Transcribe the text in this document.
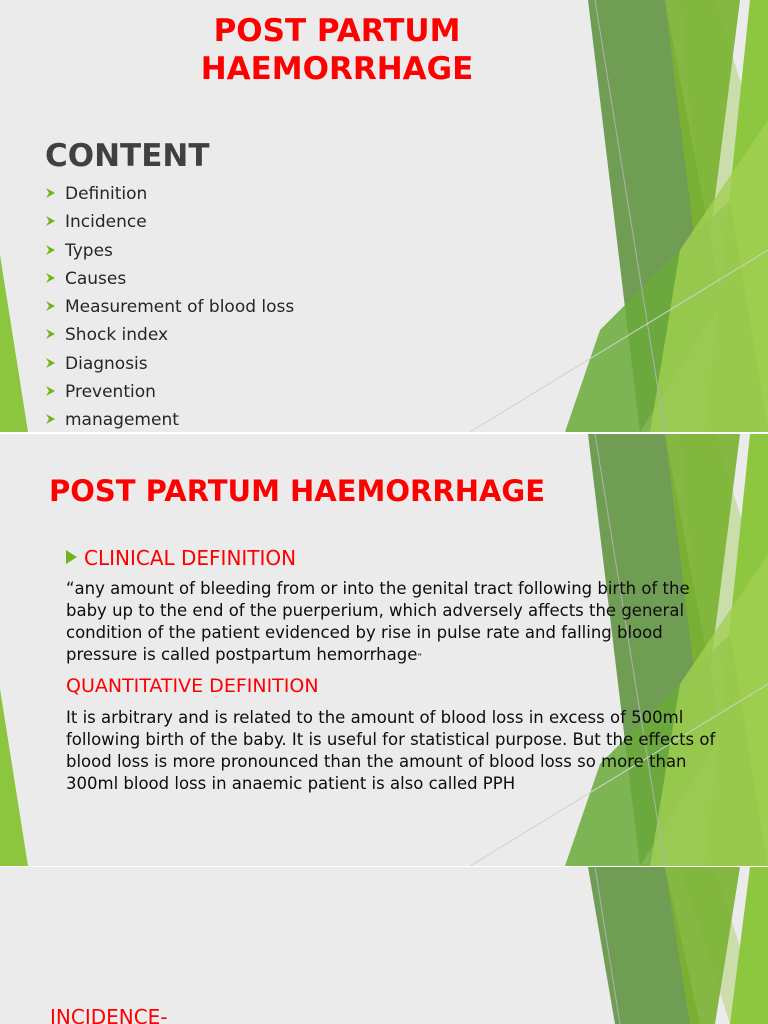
POST PARTUM HAEMORRHAGE
CONTENT
Definition
Incidence
Types
Causes
Measurement of blood loss
Shock index
Diagnosis
Prevention
management
POST PARTUM HAEMORRHAGE
CLINICAL DEFINITION
“any amount of bleeding from or into the genital tract following birth of the baby up to the end of the puerperium, which adversely affects the general condition of the patient evidenced by rise in pulse rate and falling blood pressure is called postpartum hemorrhage”
QUANTITATIVE DEFINITION
It is arbitrary and is related to the amount of blood loss in excess of 500ml following birth of the baby. It is useful for statistical purpose. But the effects of blood loss is more pronounced than the amount of blood loss so more than 300ml blood loss in anaemic patient is also called PPH
INCIDENCE-
